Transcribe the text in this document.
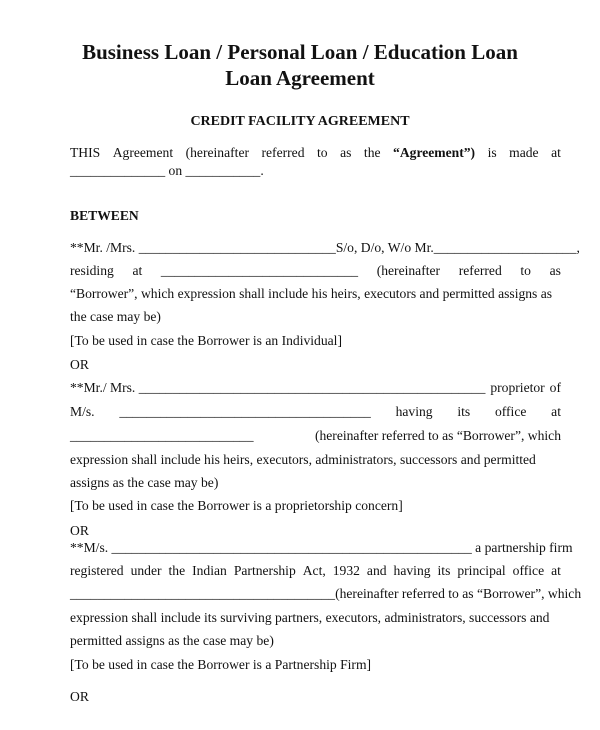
Business Loan / Personal Loan / Education Loan
Loan Agreement
CREDIT FACILITY AGREEMENT
THIS Agreement (hereinafter referred to as the “Agreement”) is made at
______________ on ___________.
BETWEEN
**Mr. /Mrs. _____________________________S/o, D/o, W/o Mr. _____________________,
residing at _____________________________ (hereinafter referred to as
“Borrower”, which expression shall include his heirs, executors and permitted assigns as
the case may be)
[To be used in case the Borrower is an Individual]
OR
**Mr./ Mrs. ___________________________________________________ proprietor of
M/s. _____________________________________ having its office at
___________________________	(hereinafter referred to as “Borrower”, which
expression shall include his heirs, executors, administrators, successors and permitted
assigns as the case may be)
[To be used in case the Borrower is a proprietorship concern]
OR
**M/s. _____________________________________________________ a partnership firm
registered under the Indian Partnership Act, 1932 and having its principal office at
__________ _____________________________ (hereinafter referred to as “Borrower”, which
expression shall include its surviving partners, executors, administrators, successors and
permitted assigns as the case may be)
[To be used in case the Borrower is a Partnership Firm]
OR
